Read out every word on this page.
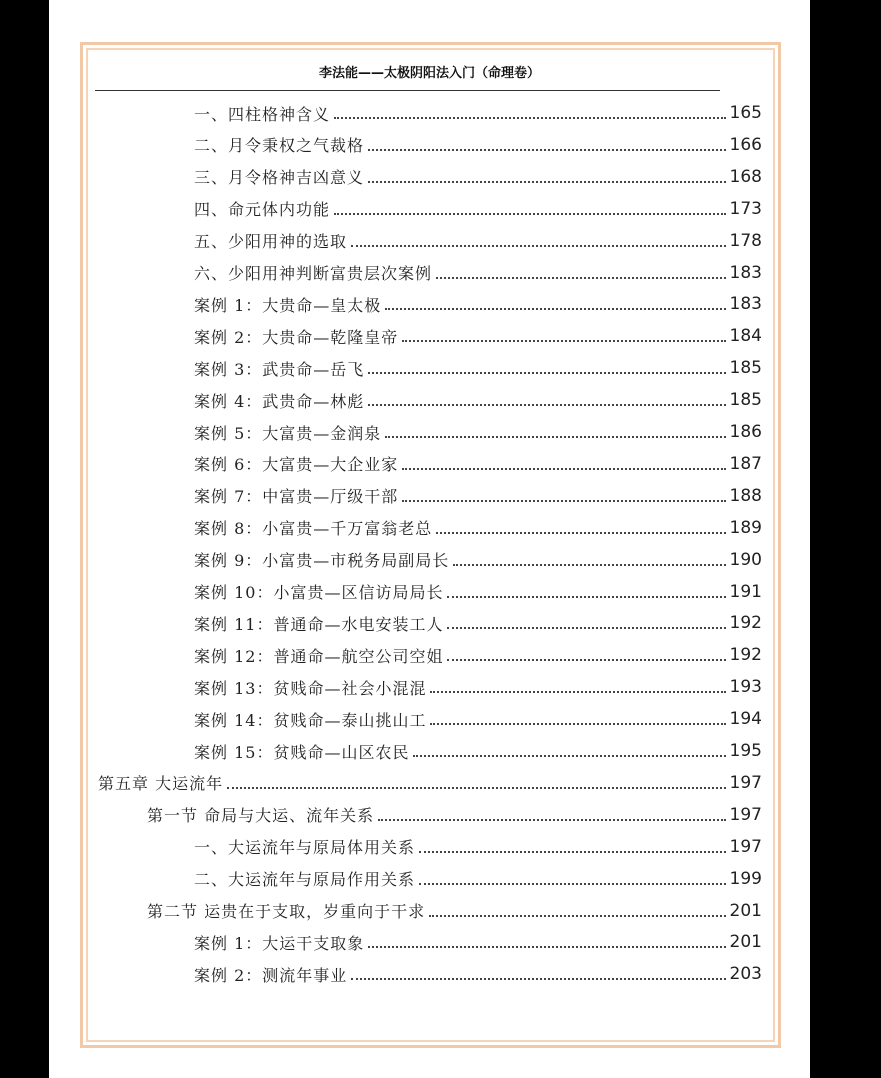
李法能——太极阴阳法入门（命理卷）
一、四柱格神含义	165
二、月令秉权之气裁格	166
三、月令格神吉凶意义	168
四、命元体内功能	173
五、少阳用神的选取	178
六、少阳用神判断富贵层次案例	183
案例 1：大贵命—皇太极	183
案例 2：大贵命—乾隆皇帝	184
案例 3：武贵命—岳飞	185
案例 4：武贵命—林彪	185
案例 5：大富贵—金润泉	186
案例 6：大富贵—大企业家	187
案例 7：中富贵—厅级干部	188
案例 8：小富贵—千万富翁老总	189
案例 9：小富贵—市税务局副局长	190
案例 10：小富贵—区信访局局长	191
案例 11：普通命—水电安装工人	192
案例 12：普通命—航空公司空姐	192
案例 13：贫贱命—社会小混混	193
案例 14：贫贱命—泰山挑山工	194
案例 15：贫贱命—山区农民	195
第五章 大运流年	197
第一节 命局与大运、流年关系	197
一、大运流年与原局体用关系	197
二、大运流年与原局作用关系	199
第二节 运贵在于支取，岁重向于干求	201
案例 1：大运干支取象	201
案例 2：测流年事业	203
